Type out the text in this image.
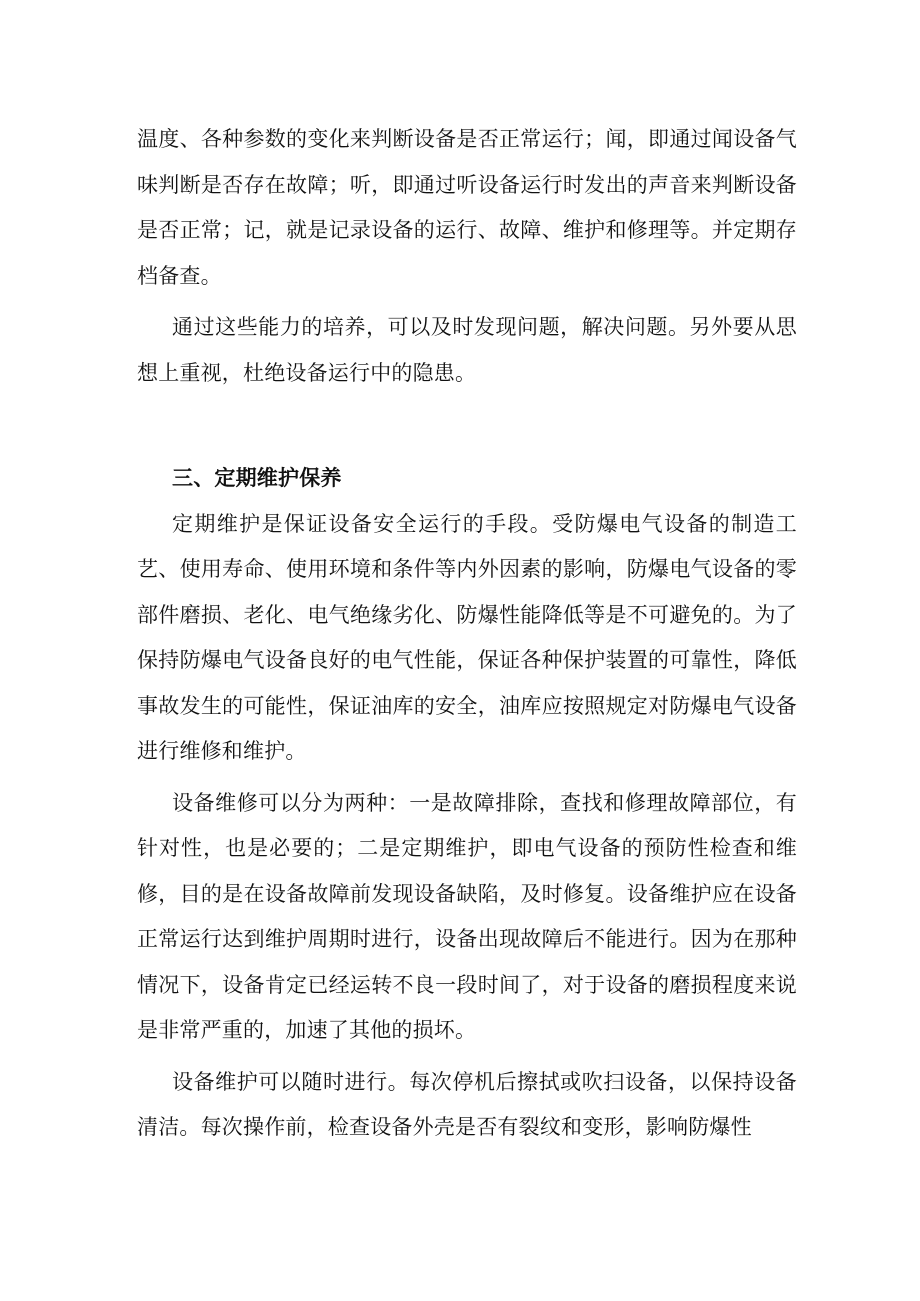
温度、各种参数的变化来判断设备是否正常运行；闻，即通过闻设备气味判断是否存在故障；听，即通过听设备运行时发出的声音来判断设备是否正常；记，就是记录设备的运行、故障、维护和修理等。并定期存档备查。

通过这些能力的培养，可以及时发现问题，解决问题。另外要从思想上重视，杜绝设备运行中的隐患。

三、定期维护保养

定期维护是保证设备安全运行的手段。受防爆电气设备的制造工艺、使用寿命、使用环境和条件等内外因素的影响，防爆电气设备的零部件磨损、老化、电气绝缘劣化、防爆性能降低等是不可避免的。为了保持防爆电气设备良好的电气性能，保证各种保护装置的可靠性，降低事故发生的可能性，保证油库的安全，油库应按照规定对防爆电气设备进行维修和维护。

设备维修可以分为两种：一是故障排除，查找和修理故障部位，有针对性，也是必要的；二是定期维护，即电气设备的预防性检查和维修，目的是在设备故障前发现设备缺陷，及时修复。设备维护应在设备正常运行达到维护周期时进行，设备出现故障后不能进行。因为在那种情况下，设备肯定已经运转不良一段时间了，对于设备的磨损程度来说是非常严重的，加速了其他的损坏。

设备维护可以随时进行。每次停机后擦拭或吹扫设备，以保持设备清洁。每次操作前，检查设备外壳是否有裂纹和变形，影响防爆性
